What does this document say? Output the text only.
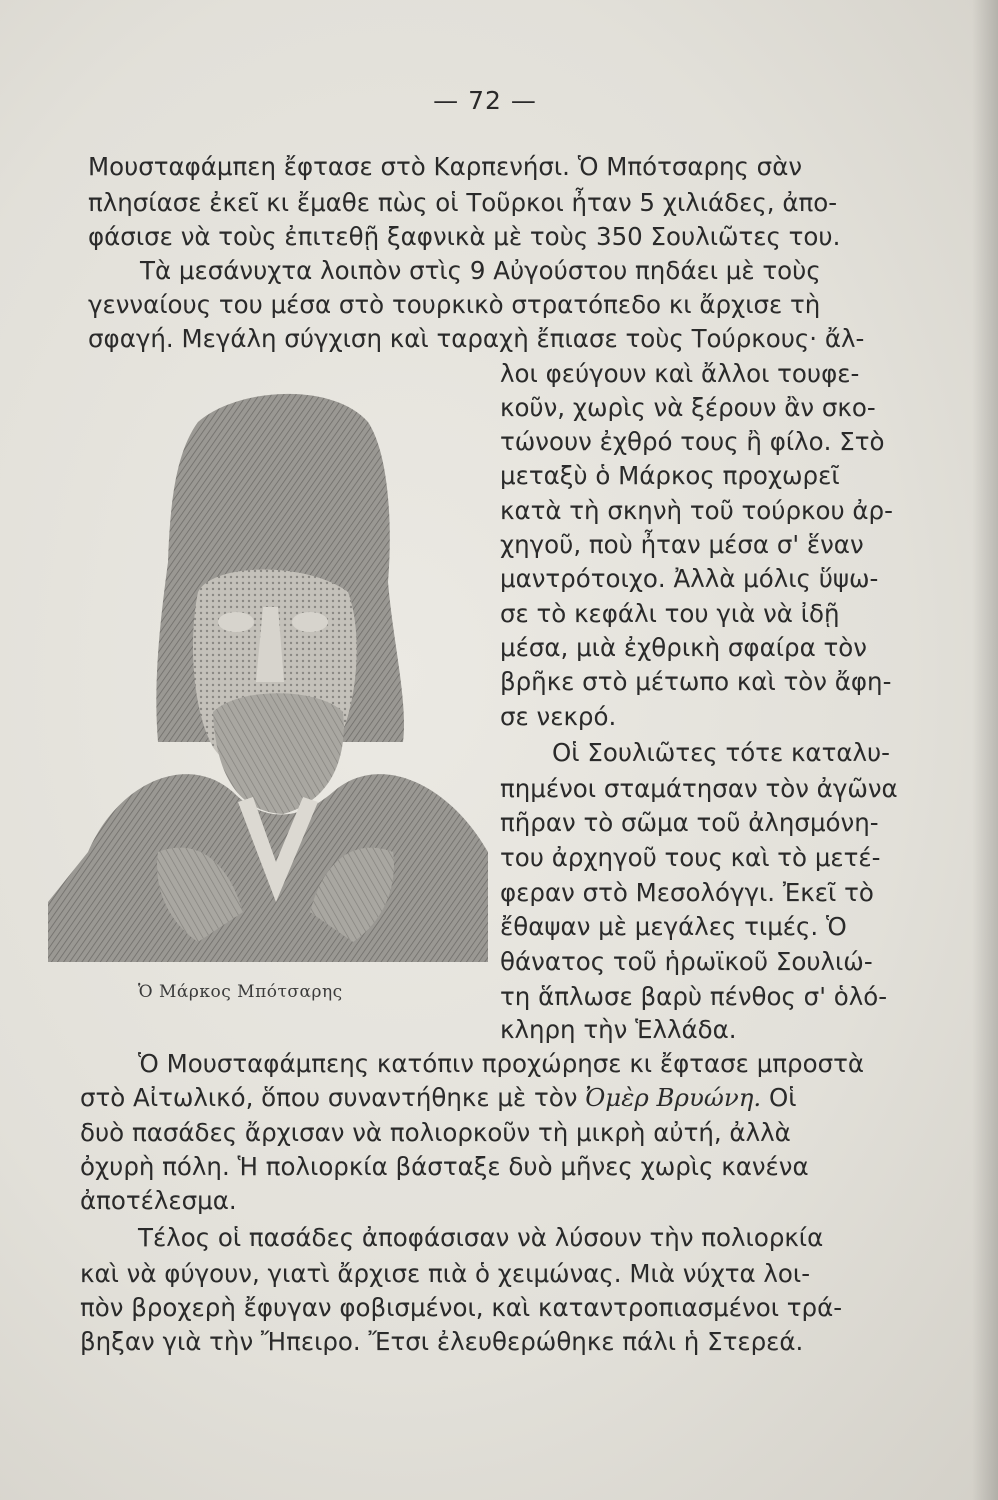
— 72 —
Μουσταφάμπεη ἔφτασε στὸ Καρπενήσι. Ὁ Μπότσαρης σὰν
πλησίασε ἐκεῖ κι ἔμαθε πὼς οἱ Τοῦρκοι ἦταν 5 χιλιάδες, ἀπο-
φάσισε νὰ τοὺς ἐπιτεθῇ ξαφνικὰ μὲ τοὺς 350 Σουλιῶτες του.
Τὰ μεσάνυχτα λοιπὸν στὶς 9 Αὐγούστου πηδάει μὲ τοὺς
γενναίους του μέσα στὸ τουρκικὸ στρατόπεδο κι ἄρχισε τὴ
σφαγή. Μεγάλη σύγχιση καὶ ταραχὴ ἔπιασε τοὺς Τούρκους· ἄλ-
λοι φεύγουν καὶ ἄλλοι τουφε-
κοῦν, χωρὶς νὰ ξέρουν ἂν σκο-
τώνουν ἐχθρό τους ἢ φίλο. Στὸ
μεταξὺ ὁ Μάρκος προχωρεῖ
κατὰ τὴ σκηνὴ τοῦ τούρκου ἀρ-
χηγοῦ, ποὺ ἦταν μέσα σ' ἕναν
μαντρότοιχο. Ἀλλὰ μόλις ὕψω-
σε τὸ κεφάλι του γιὰ νὰ ἰδῇ
μέσα, μιὰ ἐχθρικὴ σφαίρα τὸν
βρῆκε στὸ μέτωπο καὶ τὸν ἄφη-
σε νεκρό.
Οἱ Σουλιῶτες τότε καταλυ-
πημένοι σταμάτησαν τὸν ἀγῶνα
πῆραν τὸ σῶμα τοῦ ἀλησμόνη-
του ἀρχηγοῦ τους καὶ τὸ μετέ-
φεραν στὸ Μεσολόγγι. Ἐκεῖ τὸ
ἔθαψαν μὲ μεγάλες τιμές. Ὁ
θάνατος τοῦ ἡρωϊκοῦ Σουλιώ-
τη ἅπλωσε βαρὺ πένθος σ' ὁλό-
κληρη τὴν Ἑλλάδα.
Ὁ Μάρκος Μπότσαρης
Ὁ Μουσταφάμπεης κατόπιν προχώρησε κι ἔφτασε μπροστὰ
στὸ Αἰτωλικό, ὅπου συναντήθηκε μὲ τὸν Ὀμὲρ Βρυώνη. Οἱ
δυὸ πασάδες ἄρχισαν νὰ πολιορκοῦν τὴ μικρὴ αὐτή, ἀλλὰ
ὀχυρὴ πόλη. Ἡ πολιορκία βάσταξε δυὸ μῆνες χωρὶς κανένα
ἀποτέλεσμα.
Τέλος οἱ πασάδες ἀποφάσισαν νὰ λύσουν τὴν πολιορκία
καὶ νὰ φύγουν, γιατὶ ἄρχισε πιὰ ὁ χειμώνας. Μιὰ νύχτα λοι-
πὸν βροχερὴ ἔφυγαν φοβισμένοι, καὶ καταντροπιασμένοι τρά-
βηξαν γιὰ τὴν Ἤπειρο. Ἔτσι ἐλευθερώθηκε πάλι ἡ Στερεά.
